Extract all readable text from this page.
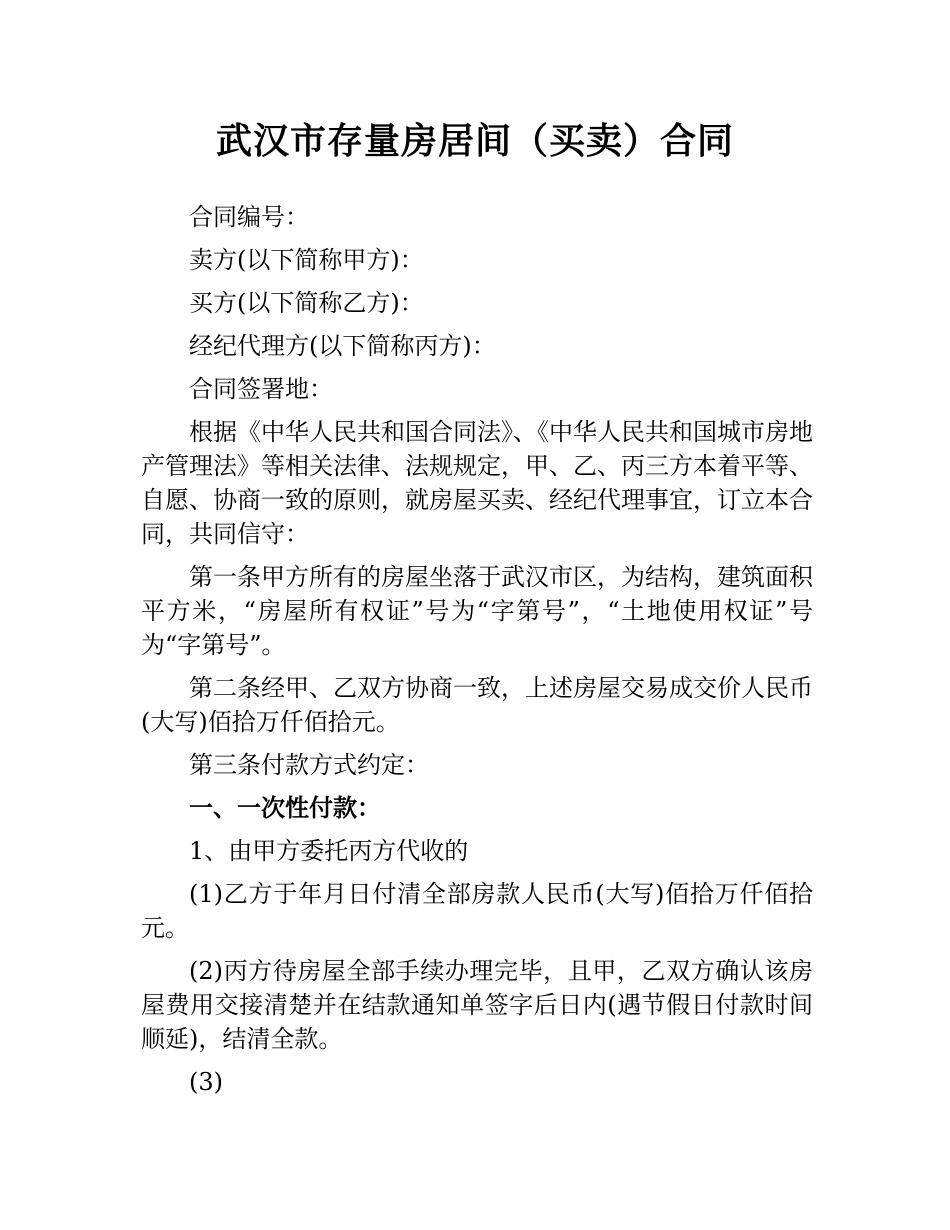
武汉市存量房居间（买卖）合同

合同编号：

卖方(以下简称甲方)：

买方(以下简称乙方)：

经纪代理方(以下简称丙方)：

合同签署地：

根据《中华人民共和国合同法》、《中华人民共和国城市房地产管理法》等相关法律、法规规定，甲、乙、丙三方本着平等、自愿、协商一致的原则，就房屋买卖、经纪代理事宜，订立本合同，共同信守：

第一条甲方所有的房屋坐落于武汉市区，为结构，建筑面积平方米，“房屋所有权证”号为“字第号”，“土地使用权证”号为“字第号”。

第二条经甲、乙双方协商一致，上述房屋交易成交价人民币(大写)佰拾万仟佰拾元。

第三条付款方式约定：

一、一次性付款：

1、由甲方委托丙方代收的

(1)乙方于年月日付清全部房款人民币(大写)佰拾万仟佰拾元。

(2)丙方待房屋全部手续办理完毕，且甲，乙双方确认该房屋费用交接清楚并在结款通知单签字后日内(遇节假日付款时间顺延)，结清全款。

(3)
